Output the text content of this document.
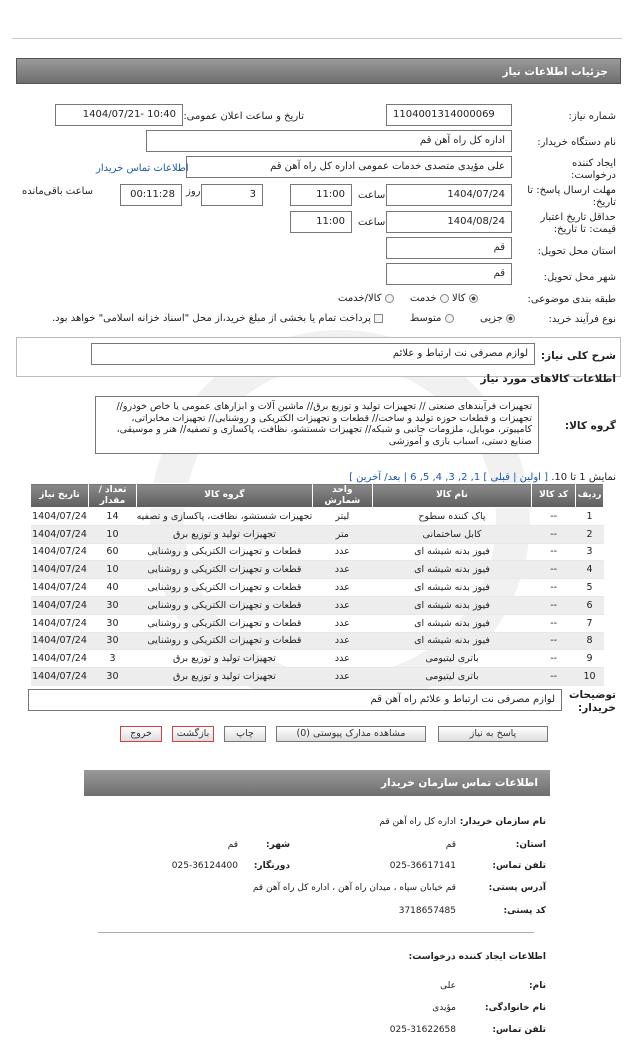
جزئیات اطلاعات نیاز
شماره نیاز:
1104001314000069
تاریخ و ساعت اعلان عمومی:
1404/07/21- 10:40
نام دستگاه خریدار:
اداره کل راه آهن قم
ایجاد کننده
درخواست:
علی مؤیدی متصدی خدمات عمومی اداره کل راه آهن قم
اطلاعات تماس خریدار
مهلت ارسال پاسخ: تا
تاریخ:
1404/07/24
ساعت
11:00
3
روز
00:11:28
ساعت باقی‌مانده
حداقل تاریخ اعتبار
قیمت: تا تاریخ:
1404/08/24
ساعت
11:00
استان محل تحویل:
قم
شهر محل تحویل:
قم
طبقه بندی موضوعی:
کالا
خدمت
کالا/خدمت
نوع فرآیند خرید:
جزیی
متوسط
پرداخت تمام یا بخشی از مبلغ خرید،از محل "اسناد خزانه اسلامی" خواهد بود.
شرح کلی نیاز:
لوازم مصرفی نت ارتباط و علائم
اطلاعات کالاهای مورد نیاز
گروه کالا:
تجهیزات فرآیندهای صنعتی // تجهیزات تولید و توزیع برق// ماشین آلات و ابزارهای عمومی یا خاص خودرو// تجهیزات و قطعات حوزه تولید و ساخت// قطعات و تجهیزات الکتریکی و روشنایی// تجهیزات مخابراتی، کامپیوتر، موبایل، ملزومات جانبی و شبکه// تجهیزات شستشو، نظافت، پاکسازی و تصفیه// هنر و موسیقی، صنایع دستی، اسباب بازی و آموزشی
نمایش 1 تا 10. [ اولین | قبلی ] 1, 2, 3, 4, 5, 6 | بعد/ آخرین ]
ردیف	کد کالا	نام کالا	واحد شمارش	گروه کالا	تعداد / مقدار	تاریخ نیاز
1	--	پاک کننده سطوح	لیتر	تجهیزات شستشو، نظافت، پاکسازی و تصفیه	14	1404/07/24
2	--	کابل ساختمانی	متر	تجهیزات تولید و توزیع برق	10	1404/07/24
3	--	فیوز بدنه شیشه ای	عدد	قطعات و تجهیزات الکتریکی و روشنایی	60	1404/07/24
4	--	فیوز بدنه شیشه ای	عدد	قطعات و تجهیزات الکتریکی و روشنایی	10	1404/07/24
5	--	فیوز بدنه شیشه ای	عدد	قطعات و تجهیزات الکتریکی و روشنایی	40	1404/07/24
6	--	فیوز بدنه شیشه ای	عدد	قطعات و تجهیزات الکتریکی و روشنایی	30	1404/07/24
7	--	فیوز بدنه شیشه ای	عدد	قطعات و تجهیزات الکتریکی و روشنایی	30	1404/07/24
8	--	فیوز بدنه شیشه ای	عدد	قطعات و تجهیزات الکتریکی و روشنایی	30	1404/07/24
9	--	باتری لیتیومی	عدد	تجهیزات تولید و توزیع برق	3	1404/07/24
10	--	باتری لیتیومی	عدد	تجهیزات تولید و توزیع برق	30	1404/07/24
توضیحات
خریدار:
لوازم مصرفی نت ارتباط و علائم راه آهن قم
پاسخ به نیاز
مشاهده مدارک پیوستی (0)
چاپ
بازگشت
خروج
اطلاعات تماس سازمان خریدار
نام سازمان خریدار:
اداره کل راه آهن قم
استان:
قم
شهر:
قم
تلفن تماس:
025-36617141
دورنگار:
025-36124400
آدرس پستی:
قم خیابان سپاه ، میدان راه آهن ، اداره کل راه آهن قم
کد پستی:
3718657485
اطلاعات ایجاد کننده درخواست:
نام:
علی
نام خانوادگی:
مؤیدی
تلفن تماس:
025-31622658
